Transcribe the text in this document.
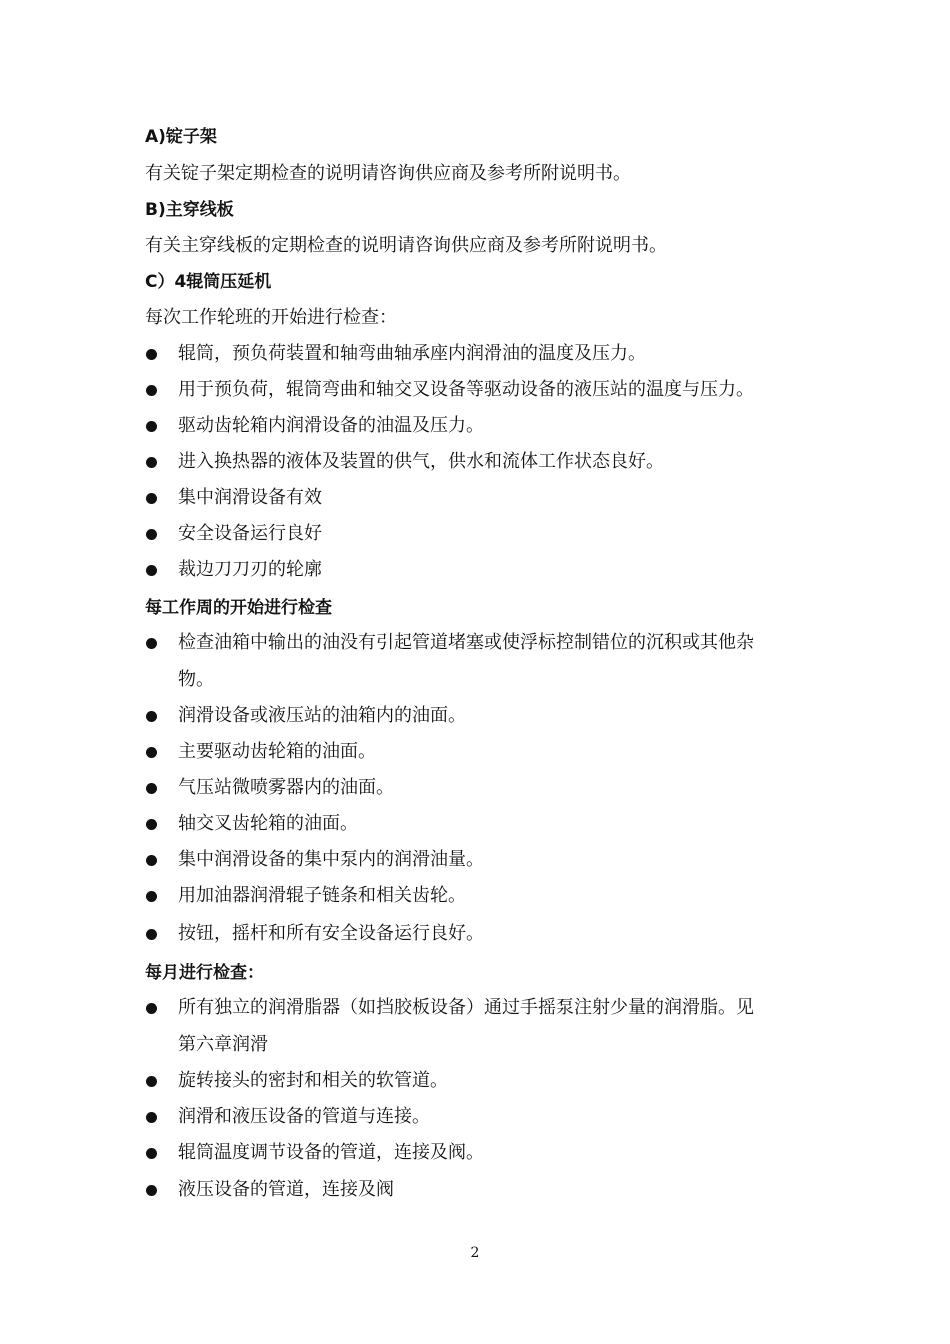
A)锭子架
有关锭子架定期检查的说明请咨询供应商及参考所附说明书。
B)主穿线板
有关主穿线板的定期检查的说明请咨询供应商及参考所附说明书。
C）4辊筒压延机
每次工作轮班的开始进行检查：
辊筒，预负荷装置和轴弯曲轴承座内润滑油的温度及压力。
用于预负荷，辊筒弯曲和轴交叉设备等驱动设备的液压站的温度与压力。
驱动齿轮箱内润滑设备的油温及压力。
进入换热器的液体及装置的供气，供水和流体工作状态良好。
集中润滑设备有效
安全设备运行良好
裁边刀刀刃的轮廓
每工作周的开始进行检查
检查油箱中输出的油没有引起管道堵塞或使浮标控制错位的沉积或其他杂
物。
润滑设备或液压站的油箱内的油面。
主要驱动齿轮箱的油面。
气压站微喷雾器内的油面。
轴交叉齿轮箱的油面。
集中润滑设备的集中泵内的润滑油量。
用加油器润滑辊子链条和相关齿轮。
按钮，摇杆和所有安全设备运行良好。
每月进行检查：
所有独立的润滑脂器（如挡胶板设备）通过手摇泵注射少量的润滑脂。见
第六章润滑
旋转接头的密封和相关的软管道。
润滑和液压设备的管道与连接。
辊筒温度调节设备的管道，连接及阀。
液压设备的管道，连接及阀
2
